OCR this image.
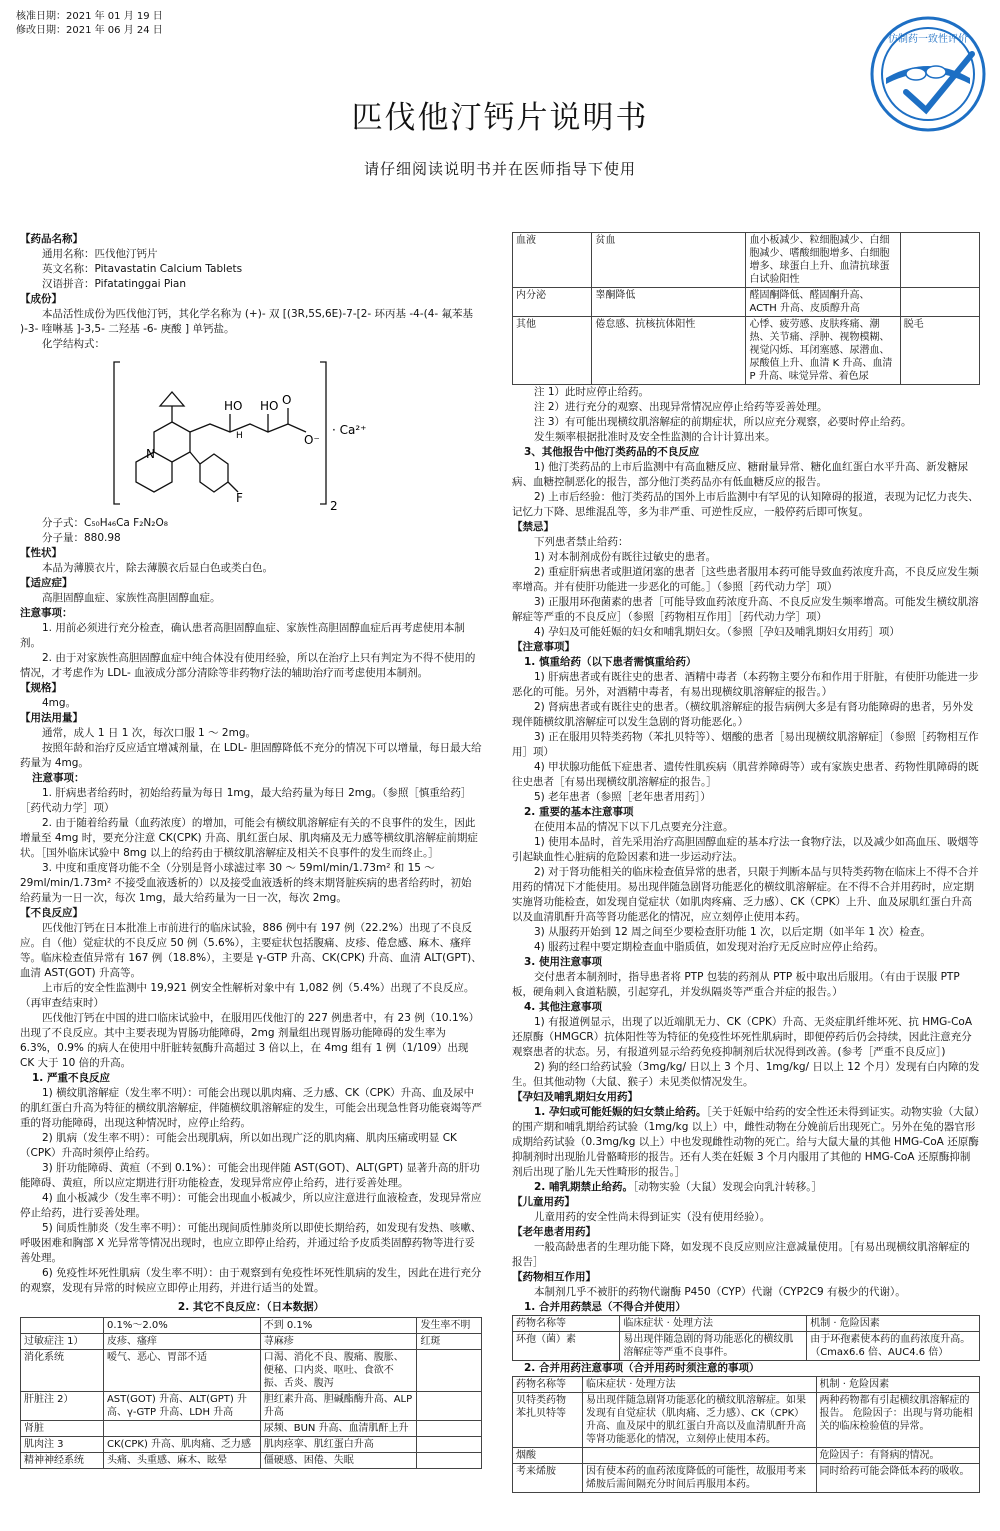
核准日期：2021 年 01 月 19 日
修改日期：2021 年 06 月 24 日
仿制药一致性评价
匹伐他汀钙片说明书
请仔细阅读说明书并在医师指导下使用
【药品名称】
通用名称：匹伐他汀钙片
英文名称：Pitavastatin Calcium Tablets
汉语拼音：Pifatatinggai Pian
【成份】
本品活性成份为匹伐他汀钙，其化学名称为 (+)- 双 [(3R,5S,6E)-7-[2- 环丙基 -4-(4- 氟苯基 )-3- 喹啉基 ]-3,5- 二羟基 -6- 庚酸 ] 单钙盐。
化学结构式：
HO HO
H
O
O⁻
N
F
· Ca²⁺
2
分子式：C₅₀H₄₆Ca F₂N₂O₈
分子量：880.98
【性状】
本品为薄膜衣片，除去薄膜衣后显白色或类白色。
【适应症】
高胆固醇血症、家族性高胆固醇血症。
注意事项：
1. 用前必须进行充分检查，确认患者高胆固醇血症、家族性高胆固醇血症后再考虑使用本制剂。
2. 由于对家族性高胆固醇血症中纯合体没有使用经验，所以在治疗上只有判定为不得不使用的情况，才考虑作为 LDL- 血液成分部分清除等非药物疗法的辅助治疗而考虑使用本制剂。
【规格】
4mg。
【用法用量】
通常，成人 1 日 1 次，每次口服 1 ～ 2mg。
按照年龄和治疗反应适宜增减剂量，在 LDL- 胆固醇降低不充分的情况下可以增量，每日最大给药量为 4mg。
注意事项：
1. 肝病患者给药时，初始给药量为每日 1mg，最大给药量为每日 2mg。（参照［慎重给药］［药代动力学］项）
2. 由于随着给药量（血药浓度）的增加，可能会有横纹肌溶解症有关的不良事件的发生，因此增量至 4mg 时，要充分注意 CK(CPK) 升高、肌红蛋白尿、肌肉痛及无力感等横纹肌溶解症前期症状。［国外临床试验中 8mg 以上的给药由于横纹肌溶解症及相关不良事件的发生而终止。］
3. 中度和重度肾功能不全（分别是肾小球滤过率 30 ～ 59ml/min/1.73m² 和 15 ～ 29ml/min/1.73m² 不接受血液透析的）以及接受血液透析的终末期肾脏疾病的患者给药时，初始给药量为一日一次，每次 1mg，最大给药量为一日一次，每次 2mg。
【不良反应】
匹伐他汀钙在日本批准上市前进行的临床试验，886 例中有 197 例（22.2%）出现了不良反应。自（他）觉症状的不良反应 50 例（5.6%），主要症状包括腹痛、皮疹、倦怠感、麻木、瘙痒等。临床检查值异常有 167 例（18.8%），主要是 γ-GTP 升高、CK(CPK) 升高、血清 ALT(GPT)、血清 AST(GOT) 升高等。
上市后的安全性监测中 19,921 例安全性解析对象中有 1,082 例（5.4%）出现了不良反应。（再审查结束时）
匹伐他汀钙在中国的进口临床试验中，在服用匹伐他汀的 227 例患者中，有 23 例（10.1%）出现了不良反应。其中主要表现为胃肠功能障碍，2mg 剂量组出现胃肠功能障碍的发生率为 6.3%，0.9% 的病人在使用中肝脏转氨酶升高超过 3 倍以上，在 4mg 组有 1 例（1/109）出现 CK 大于 10 倍的升高。
1. 严重不良反应
1) 横纹肌溶解症（发生率不明）：可能会出现以肌肉痛、乏力感、CK（CPK）升高、血及尿中的肌红蛋白升高为特征的横纹肌溶解症，伴随横纹肌溶解症的发生，可能会出现急性肾功能衰竭等严重的肾功能障碍，出现这种情况时，应停止给药。
2) 肌病（发生率不明）：可能会出现肌病，所以如出现广泛的肌肉痛、肌肉压痛或明显 CK（CPK）升高时须停止给药。
3) 肝功能障碍、黄疸（不到 0.1%）：可能会出现伴随 AST(GOT)、ALT(GPT) 显著升高的肝功能障碍、黄疸，所以应定期进行肝功能检查，发现异常应停止给药，进行妥善处理。
4) 血小板减少（发生率不明）：可能会出现血小板减少，所以应注意进行血液检查，发现异常应停止给药，进行妥善处理。
5) 间质性肺炎（发生率不明）：可能出现间质性肺炎所以即使长期给药，如发现有发热、咳嗽、呼吸困难和胸部 X 光异常等情况出现时，也应立即停止给药，并通过给予皮质类固醇药物等进行妥善处理。
6) 免疫性坏死性肌病（发生率不明）：由于观察到有免疫性坏死性肌病的发生，因此在进行充分的观察，发现有异常的时候应立即停止用药，并进行适当的处置。
2. 其它不良反应：（日本数据）
	0.1%～2.0%	不到 0.1%	发生率不明
过敏症注 1）	皮疹、瘙痒	荨麻疹	红斑
消化系统	嗳气、恶心、胃部不适	口渴、消化不良、腹痛、腹胀、便秘、口内炎、呕吐、食欲不振、舌炎、腹泻	
肝脏注 2）	AST(GOT) 升高、ALT(GPT) 升高、γ-GTP 升高、LDH 升高	胆红素升高、胆碱酯酶升高、ALP 升高	
肾脏		尿频、BUN 升高、血清肌酐上升	
肌肉注 3	CK(CPK) 升高、肌肉痛、乏力感	肌肉痉挛、肌红蛋白升高	
精神神经系统	头痛、头重感、麻木、眩晕	僵硬感、困倦、失眠	
血液	贫血	血小板减少、粒细胞减少、白细胞减少、嗜酸细胞增多、白细胞增多、球蛋白上升、血清抗球蛋白试验阳性	
内分泌	睾酮降低	醛固酮降低、醛固酮升高、ACTH 升高、皮质醇升高	
其他	倦怠感、抗核抗体阳性	心悸、疲劳感、皮肤疼痛、潮热、关节痛、浮肿、视物模糊、视觉闪烁、耳闭塞感、尿潜血、尿酸值上升、血清 K 升高、血清 P 升高、味觉异常、着色尿	脱毛
注 1）此时应停止给药。
注 2）进行充分的观察、出现异常情况应停止给药等妥善处理。
注 3）有可能出现横纹肌溶解症的前期症状，所以应充分观察，必要时停止给药。
发生频率根据批准时及安全性监测的合计计算出来。
3、其他报告中他汀类药品的不良反应
1) 他汀类药品的上市后监测中有高血糖反应、糖耐量异常、糖化血红蛋白水平升高、新发糖尿病、血糖控制恶化的报告，部分他汀类药品亦有低血糖反应的报告。
2) 上市后经验：他汀类药品的国外上市后监测中有罕见的认知障碍的报道，表现为记忆力丧失、记忆力下降、思维混乱等，多为非严重、可逆性反应，一般停药后即可恢复。
【禁忌】
下列患者禁止给药：
1) 对本制剂成份有既往过敏史的患者。
2) 重症肝病患者或胆道闭塞的患者［这些患者服用本药可能导致血药浓度升高，不良反应发生频率增高。并有使肝功能进一步恶化的可能。］（参照［药代动力学］项）
3) 正服用环孢菌素的患者［可能导致血药浓度升高、不良反应发生频率增高。可能发生横纹肌溶解症等严重的不良反应］（参照［药物相互作用］［药代动力学］项）
4) 孕妇及可能妊娠的妇女和哺乳期妇女。（参照［孕妇及哺乳期妇女用药］项）
【注意事项】
1. 慎重给药（以下患者需慎重给药）
1) 肝病患者或有既往史的患者、酒精中毒者（本药物主要分布和作用于肝脏，有使肝功能进一步恶化的可能。另外，对酒精中毒者，有易出现横纹肌溶解症的报告。）
2) 肾病患者或有既往史的患者。（横纹肌溶解症的报告病例大多是有肾功能障碍的患者，另外发现伴随横纹肌溶解症可以发生急剧的肾功能恶化。）
3) 正在服用贝特类药物（苯扎贝特等）、烟酸的患者［易出现横纹肌溶解症］（参照［药物相互作用］项）
4) 甲状腺功能低下症患者、遗传性肌疾病（肌营养障碍等）或有家族史患者、药物性肌障碍的既往史患者［有易出现横纹肌溶解症的报告。］
5) 老年患者（参照［老年患者用药］）
2. 重要的基本注意事项
在使用本品的情况下以下几点要充分注意。
1) 使用本品时，首先采用治疗高胆固醇血症的基本疗法一食物疗法，以及减少如高血压、吸烟等引起缺血性心脏病的危险因素和进一步运动疗法。
2) 对于肾功能相关的临床检查值异常的患者，只限于判断本品与贝特类药物在临床上不得不合并用药的情况下才能使用。易出现伴随急剧肾功能恶化的横纹肌溶解症。在不得不合并用药时，应定期实施肾功能检查，如发现自觉症状（如肌肉疼痛、乏力感）、CK（CPK）上升、血及尿肌红蛋白升高以及血清肌酐升高等肾功能恶化的情况，应立刻停止使用本药。
3) 从服药开始到 12 周之间至少要检查肝功能 1 次，以后定期（如半年 1 次）检查。
4) 服药过程中要定期检查血中脂质值，如发现对治疗无反应时应停止给药。
3. 使用注意事项
交付患者本制剂时，指导患者将 PTP 包装的药剂从 PTP 板中取出后服用。（有由于误服 PTP 板，硬角刺入食道粘膜，引起穿孔，并发纵隔炎等严重合并症的报告。）
4. 其他注意事项
1) 有报道例显示，出现了以近端肌无力、CK（CPK）升高、无炎症肌纤维坏死、抗 HMG-CoA 还原酶（HMGCR）抗体阳性等为特征的免疫性坏死性肌病时，即便停药后仍会持续，因此注意充分观察患者的状态。另，有报道列显示给药免疫抑制剂后状况得到改善。(参考［严重不良反应］)
2) 狗的经口给药试验（3mg/kg/ 日以上 3 个月、1mg/kg/ 日以上 12 个月）发现有白内障的发生。但其他动物（大鼠、猴子）未见类似情况发生。
【孕妇及哺乳期妇女用药】
1. 孕妇或可能妊娠的妇女禁止给药。［关于妊娠中给药的安全性还未得到证实。动物实验（大鼠）的围产期和哺乳期给药试验（1mg/kg 以上）中，雌性动物在分娩前后出现死亡。另外在兔的器官形成期给药试验（0.3mg/kg 以上）中也发现雌性动物的死亡。给与大鼠大量的其他 HMG-CoA 还原酶抑制剂时出现胎儿骨骼畸形的报告。还有人类在妊娠 3 个月内服用了其他的 HMG-CoA 还原酶抑制剂后出现了胎儿先天性畸形的报告。］
2. 哺乳期禁止给药。［动物实验（大鼠）发现会向乳汁转移。］
【儿童用药】
儿童用药的安全性尚未得到证实（没有使用经验）。
【老年患者用药】
一般高龄患者的生理功能下降，如发现不良反应则应注意减量使用。［有易出现横纹肌溶解症的报告］
【药物相互作用】
本制剂几乎不被肝的药物代谢酶 P450（CYP）代谢（CYP2C9 有极少的代谢）。
1. 合并用药禁忌（不得合并使用）
药物名称等	临床症状 · 处理方法	机制 · 危险因素
环孢（菌）素	易出现伴随急剧的肾功能恶化的横纹肌溶解症等严重不良事件。	由于环孢素使本药的血药浓度升高。（Cmax6.6 倍、AUC4.6 倍）
2. 合并用药注意事项（合并用药时须注意的事项）
药物名称等	临床症状 · 处理方法	机制 · 危险因素
贝特类药物 苯扎贝特等	易出现伴随急剧肾功能恶化的横纹肌溶解症。如果发现有自觉症状（肌肉痛、乏力感）、CK（CPK）升高、血及尿中的肌红蛋白升高以及血清肌酐升高等肾功能恶化的情况，立刻停止使用本药。	两种药物都有引起横纹肌溶解症的报告。 危险因子：出现与肾功能相关的临床检验值的异常。
烟酸		危险因子：有肾病的情况。
考来烯胺	因有使本药的血药浓度降低的可能性，故服用考来烯胺后需间隔充分时间后再服用本药。	同时给药可能会降低本药的吸收。
